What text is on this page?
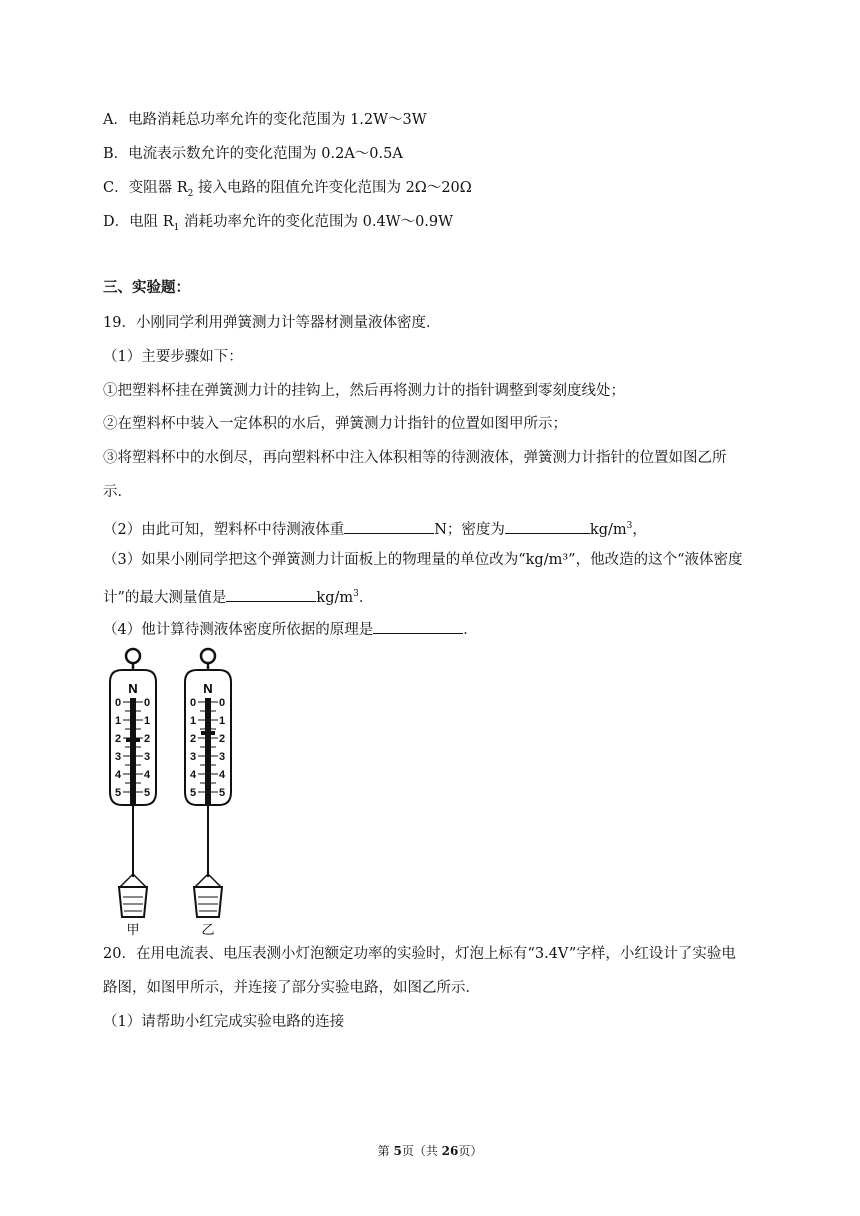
A．电路消耗总功率允许的变化范围为 1.2W～3W
B．电流表示数允许的变化范围为 0.2A～0.5A
C．变阻器 $R_2$ 接入电路的阻值允许变化范围为 2Ω～20Ω
D．电阻 $R_1$ 消耗功率允许的变化范围为 0.4W～0.9W
三、实验题：
19．小刚同学利用弹簧测力计等器材测量液体密度．
（1）主要步骤如下：
①把塑料杯挂在弹簧测力计的挂钩上，然后再将测力计的指针调整到零刻度线处；
②在塑料杯中装入一定体积的水后，弹簧测力计指针的位置如图甲所示；
③将塑料杯中的水倒尽，再向塑料杯中注入体积相等的待测液体，弹簧测力计指针的位置如图乙所
示．
（2）由此可知，塑料杯中待测液体重	N；密度为	$kg/m^3$，
（3）如果小刚同学把这个弹簧测力计面板上的物理量的单位改为“kg/m³”，他改造的这个“液体密度
计”的最大测量值是	$kg/m^3$．
（4）他计算待测液体密度所依据的原理是	．
N
0 0
1 1
2 2
3 3
4 4
5 5
甲
N
0 0
1 1
2 2
3 3
4 4
5 5
乙
20．在用电流表、电压表测小灯泡额定功率的实验时，灯泡上标有“3.4V”字样，小红设计了实验电
路图，如图甲所示，并连接了部分实验电路，如图乙所示．
（1）请帮助小红完成实验电路的连接
第 5页（共 26页）
